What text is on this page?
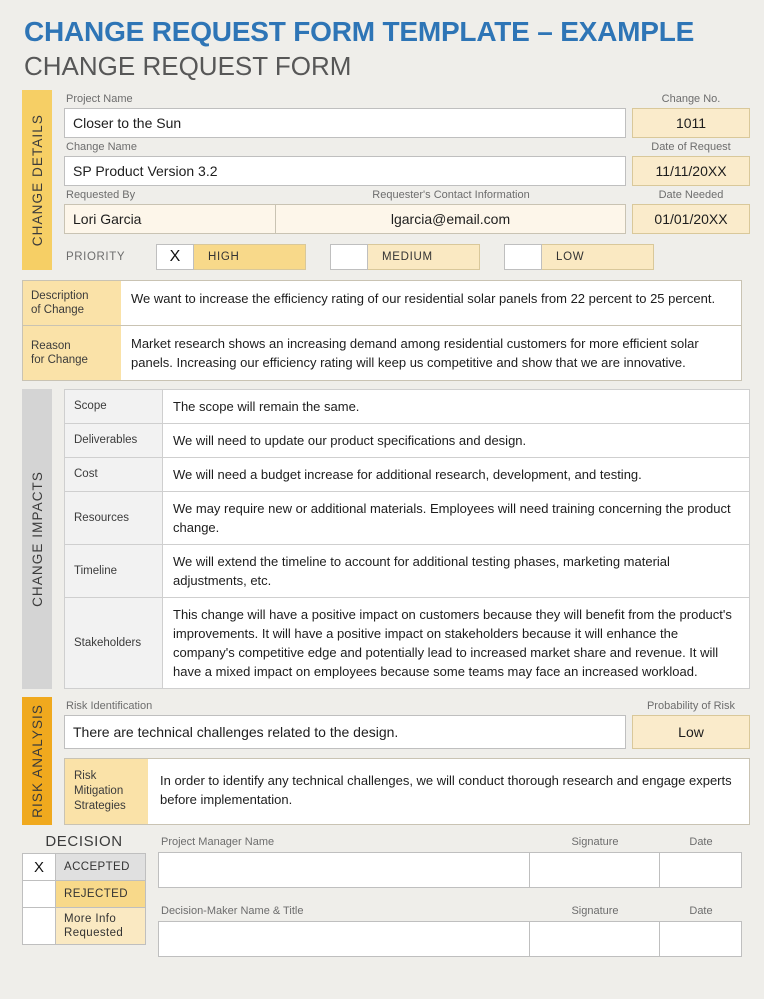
CHANGE REQUEST FORM TEMPLATE – EXAMPLE
CHANGE REQUEST FORM
CHANGE DETAILS
Project Name
Closer to the Sun
Change No.
1011
Change Name
SP Product Version 3.2
Date of Request
11/11/20XX
Requested By	Requester's Contact Information
Lori Garcia	lgarcia@email.com
Date Needed
01/01/20XX
PRIORITY	X	HIGH	MEDIUM	LOW
Description
of Change
We want to increase the efficiency rating of our residential solar panels from 22 percent to 25 percent.
Reason
for Change
Market research shows an increasing demand among residential customers for more efficient solar panels. Increasing our efficiency rating will keep us competitive and show that we are innovative.
CHANGE IMPACTS
Scope	The scope will remain the same.
Deliverables	We will need to update our product specifications and design.
Cost	We will need a budget increase for additional research, development, and testing.
Resources
We may require new or additional materials. Employees will need training concerning the product change.
Timeline
We will extend the timeline to account for additional testing phases, marketing material adjustments, etc.
Stakeholders
This change will have a positive impact on customers because they will benefit from the product's improvements. It will have a positive impact on stakeholders because it will enhance the company's competitive edge and potentially lead to increased market share and revenue. It will have a mixed impact on employees because some teams may face an increased workload.
RISK ANALYSIS Risk Identification
There are technical challenges related to the design.
Probability of Risk
Low
Risk
Mitigation
Strategies
In order to identify any technical challenges, we will conduct thorough research and engage experts before implementation.
DECISION
X	ACCEPTED
REJECTED
More Info
Requested
Project Manager Name	Signature	Date
Decision-Maker Name & Title	Signature	Date
